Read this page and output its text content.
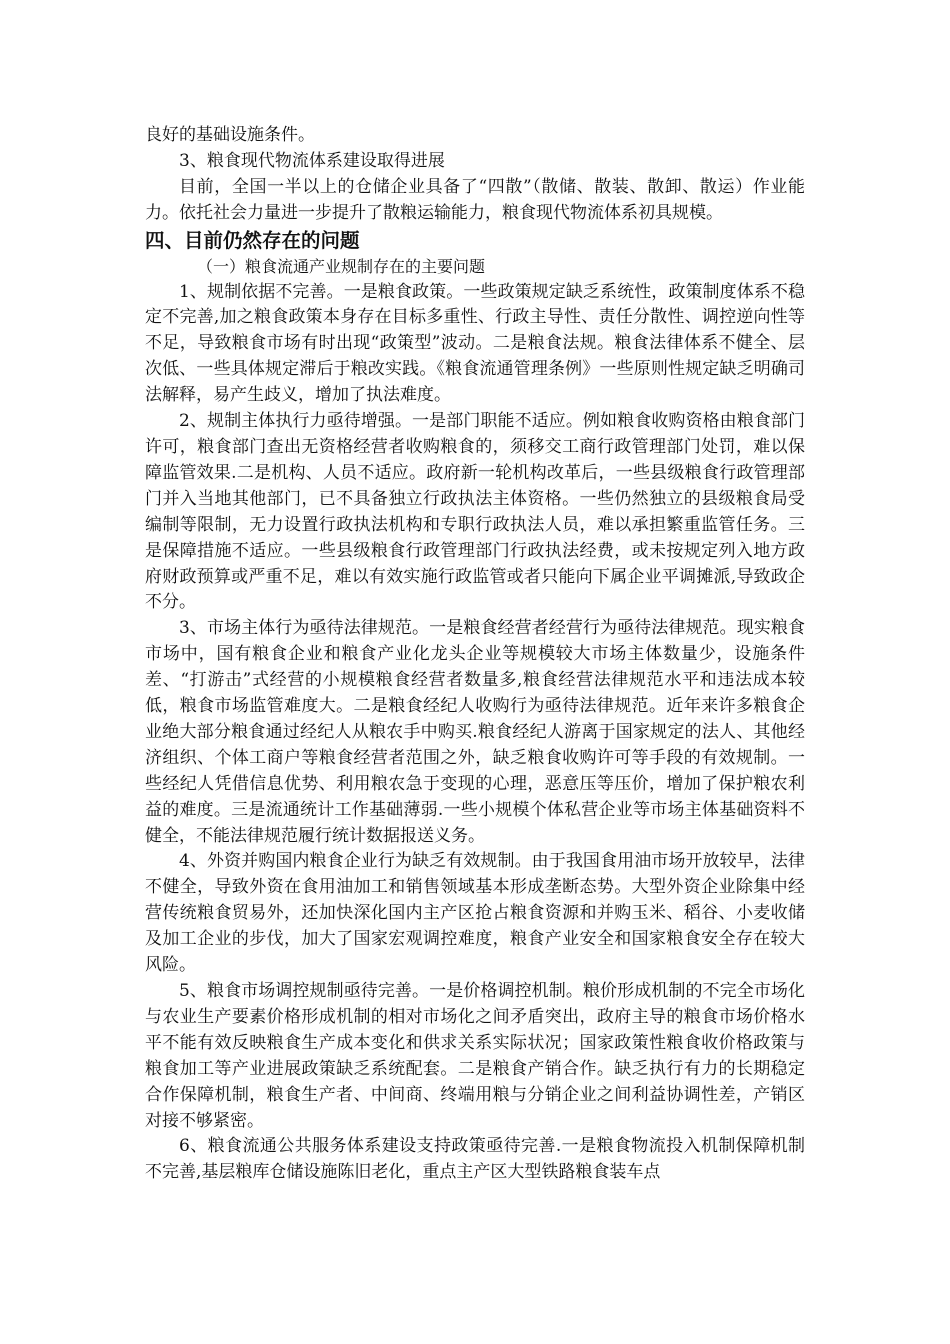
良好的基础设施条件。

3、粮食现代物流体系建设取得进展

目前，全国一半以上的仓储企业具备了“四散”（散储、散装、散卸、散运）作业能力。依托社会力量进一步提升了散粮运输能力，粮食现代物流体系初具规模。

四、目前仍然存在的问题

（一）粮食流通产业规制存在的主要问题

1、规制依据不完善。一是粮食政策。一些政策规定缺乏系统性，政策制度体系不稳定不完善,加之粮食政策本身存在目标多重性、行政主导性、责任分散性、调控逆向性等不足，导致粮食市场有时出现“政策型”波动。二是粮食法规。粮食法律体系不健全、层次低、一些具体规定滞后于粮改实践。《粮食流通管理条例》一些原则性规定缺乏明确司法解释，易产生歧义，增加了执法难度。

2、规制主体执行力亟待增强。一是部门职能不适应。例如粮食收购资格由粮食部门许可，粮食部门查出无资格经营者收购粮食的，须移交工商行政管理部门处罚，难以保障监管效果.二是机构、人员不适应。政府新一轮机构改革后，一些县级粮食行政管理部门并入当地其他部门，已不具备独立行政执法主体资格。一些仍然独立的县级粮食局受编制等限制，无力设置行政执法机构和专职行政执法人员，难以承担繁重监管任务。三是保障措施不适应。一些县级粮食行政管理部门行政执法经费，或未按规定列入地方政府财政预算或严重不足，难以有效实施行政监管或者只能向下属企业平调摊派,导致政企不分。

3、市场主体行为亟待法律规范。一是粮食经营者经营行为亟待法律规范。现实粮食市场中，国有粮食企业和粮食产业化龙头企业等规模较大市场主体数量少，设施条件差、“打游击”式经营的小规模粮食经营者数量多,粮食经营法律规范水平和违法成本较低，粮食市场监管难度大。二是粮食经纪人收购行为亟待法律规范。近年来许多粮食企业绝大部分粮食通过经纪人从粮农手中购买.粮食经纪人游离于国家规定的法人、其他经济组织、个体工商户等粮食经营者范围之外，缺乏粮食收购许可等手段的有效规制。一些经纪人凭借信息优势、利用粮农急于变现的心理，恶意压等压价，增加了保护粮农利益的难度。三是流通统计工作基础薄弱.一些小规模个体私营企业等市场主体基础资料不健全，不能法律规范履行统计数据报送义务。

4、外资并购国内粮食企业行为缺乏有效规制。由于我国食用油市场开放较早，法律不健全，导致外资在食用油加工和销售领域基本形成垄断态势。大型外资企业除集中经营传统粮食贸易外，还加快深化国内主产区抢占粮食资源和并购玉米、稻谷、小麦收储及加工企业的步伐，加大了国家宏观调控难度，粮食产业安全和国家粮食安全存在较大风险。

5、粮食市场调控规制亟待完善。一是价格调控机制。粮价形成机制的不完全市场化与农业生产要素价格形成机制的相对市场化之间矛盾突出，政府主导的粮食市场价格水平不能有效反映粮食生产成本变化和供求关系实际状况；国家政策性粮食收价格政策与粮食加工等产业进展政策缺乏系统配套。二是粮食产销合作。缺乏执行有力的长期稳定合作保障机制，粮食生产者、中间商、终端用粮与分销企业之间利益协调性差，产销区对接不够紧密。

6、粮食流通公共服务体系建设支持政策亟待完善.一是粮食物流投入机制保障机制不完善,基层粮库仓储设施陈旧老化，重点主产区大型铁路粮食装车点
